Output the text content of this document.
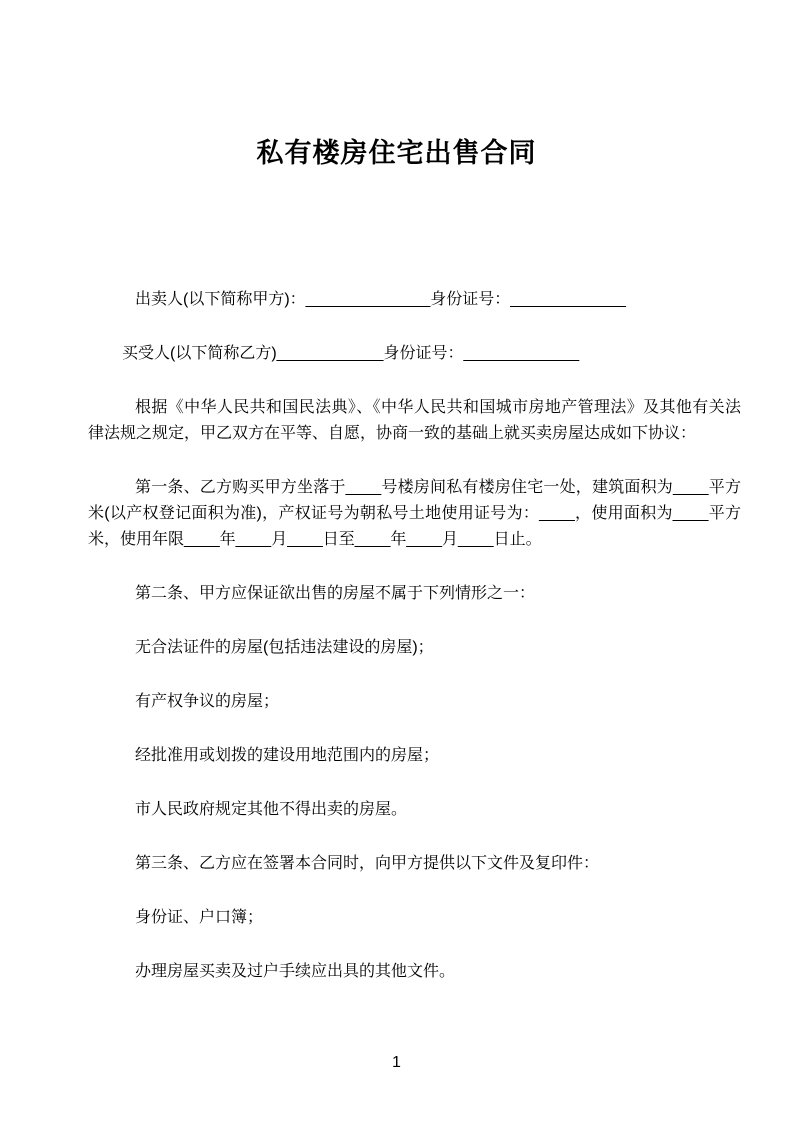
私有楼房住宅出售合同

出卖人(以下简称甲方)：______________身份证号：_____________

买受人(以下简称乙方)____________身份证号：_____________

根据《中华人民共和国民法典》、《中华人民共和国城市房地产管理法》及其他有关法律法规之规定，甲乙双方在平等、自愿，协商一致的基础上就买卖房屋达成如下协议：

第一条、乙方购买甲方坐落于____号楼房间私有楼房住宅一处，建筑面积为____平方米(以产权登记面积为准)，产权证号为朝私号土地使用证号为：____，使用面积为____平方米，使用年限____年____月____日至____年____月____日止。

第二条、甲方应保证欲出售的房屋不属于下列情形之一：

无合法证件的房屋(包括违法建设的房屋)；

有产权争议的房屋；

经批准用或划拨的建设用地范围内的房屋；

市人民政府规定其他不得出卖的房屋。

第三条、乙方应在签署本合同时，向甲方提供以下文件及复印件：

身份证、户口簿；

办理房屋买卖及过户手续应出具的其他文件。

1
